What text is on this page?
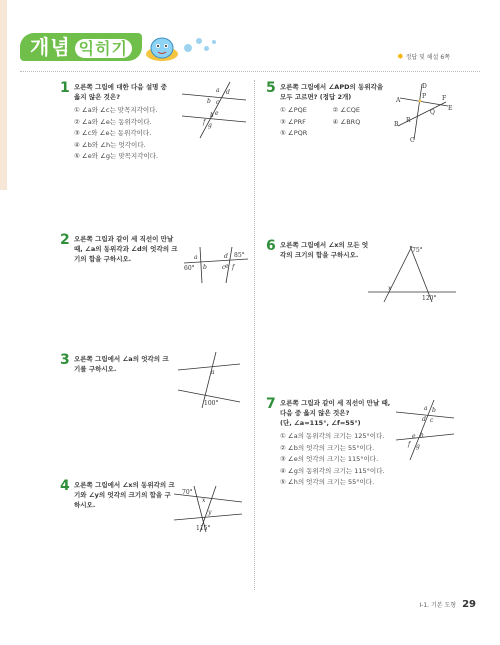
개념 익히기	✸ 정답 및 해설 6쪽
1 오른쪽 그림에 대한 다음 설명 중 옳지 않은 것은?
① ∠a와 ∠c는 맞꼭지각이다.
② ∠a와 ∠e는 동위각이다.
③ ∠c와 ∠e는 동위각이다.
④ ∠b와 ∠h는 엇각이다.
⑤ ∠e와 ∠g는 맞꼭지각이다.
a
b c
d
e
f g
h
2 오른쪽 그림과 같이 세 직선이 만날 때, ∠a의 동위각과 ∠d의 엇각의 크기의 합을 구하시오.	a
b	c
d
e f
60°
85°
3 오른쪽 그림에서 ∠a의 엇각의 크기를 구하시오.	a
100°
4 오른쪽 그림에서 ∠x의 동위각의 크기와 ∠y의 엇각의 크기의 합을 구하시오.
70°
x
y
115°
5 오른쪽 그림에서 ∠APD의 동위각을 모두 고르면? (정답 2개)
① ∠PQE	② ∠CQE
③ ∠PRF	④ ∠BRQ
⑤ ∠PQR
A
B
C
D
E
F
P
Q
R
6 오른쪽 그림에서 ∠x의 모든 엇각의 크기의 합을 구하시오.
75°
x
120°
7 오른쪽 그림과 같이 세 직선이 만날 때, 다음 중 옳지 않은 것은?
(단, ∠a=115°, ∠f=55°)
① ∠a의 동위각의 크기는 125°이다.
② ∠b의 엇각의 크기는 55°이다.
③ ∠e의 엇각의 크기는 115°이다.
④ ∠g의 동위각의 크기는 115°이다.
⑤ ∠h의 엇각의 크기는 55°이다.
a b
c
d
e
f g
h
I-1. 기본 도형 29
